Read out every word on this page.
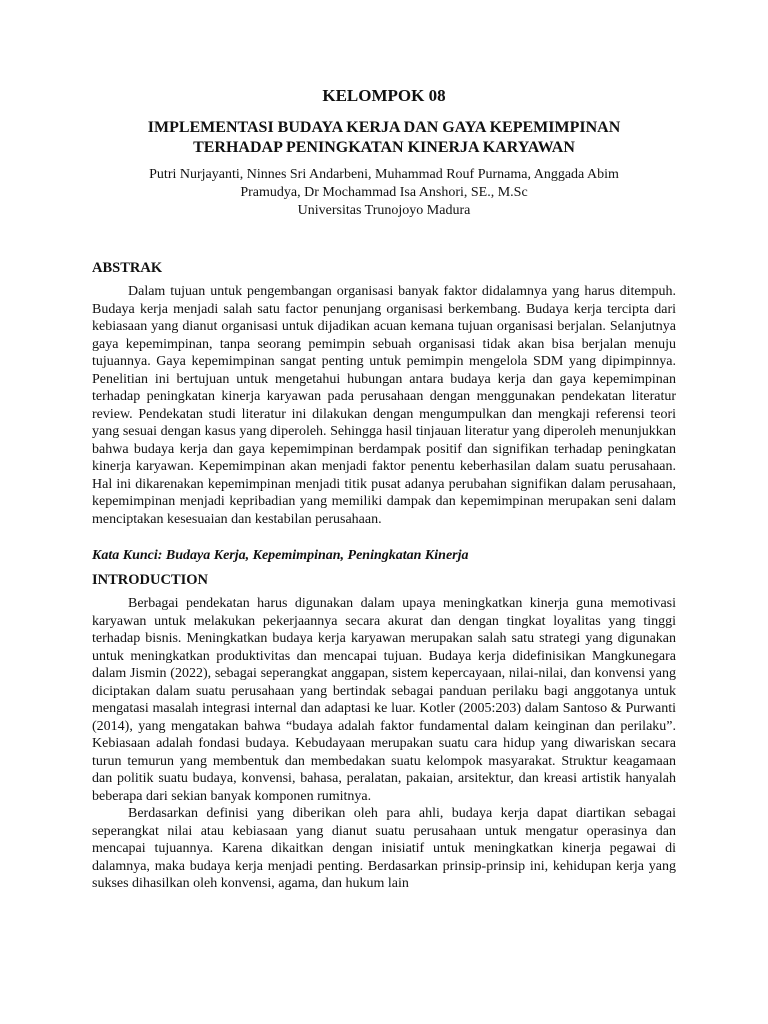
KELOMPOK 08
IMPLEMENTASI BUDAYA KERJA DAN GAYA KEPEMIMPINAN
TERHADAP PENINGKATAN KINERJA KARYAWAN
Putri Nurjayanti, Ninnes Sri Andarbeni, Muhammad Rouf Purnama, Anggada Abim
Pramudya, Dr Mochammad Isa Anshori, SE., M.Sc
Universitas Trunojoyo Madura
ABSTRAK

Dalam tujuan untuk pengembangan organisasi banyak faktor didalamnya yang harus ditempuh. Budaya kerja menjadi salah satu factor penunjang organisasi berkembang. Budaya kerja tercipta dari kebiasaan yang dianut organisasi untuk dijadikan acuan kemana tujuan organisasi berjalan. Selanjutnya gaya kepemimpinan, tanpa seorang pemimpin sebuah organisasi tidak akan bisa berjalan menuju tujuannya. Gaya kepemimpinan sangat penting untuk pemimpin mengelola SDM yang dipimpinnya. Penelitian ini bertujuan untuk mengetahui hubungan antara budaya kerja dan gaya kepemimpinan terhadap peningkatan kinerja karyawan pada perusahaan dengan menggunakan pendekatan literatur review. Pendekatan studi literatur ini dilakukan dengan mengumpulkan dan mengkaji referensi teori yang sesuai dengan kasus yang diperoleh. Sehingga hasil tinjauan literatur yang diperoleh menunjukkan bahwa budaya kerja dan gaya kepemimpinan berdampak positif dan signifikan terhadap peningkatan kinerja karyawan. Kepemimpinan akan menjadi faktor penentu keberhasilan dalam suatu perusahaan. Hal ini dikarenakan kepemimpinan menjadi titik pusat adanya perubahan signifikan dalam perusahaan, kepemimpinan menjadi kepribadian yang memiliki dampak dan kepemimpinan merupakan seni dalam menciptakan kesesuaian dan kestabilan perusahaan.

Kata Kunci: Budaya Kerja, Kepemimpinan, Peningkatan Kinerja
INTRODUCTION

Berbagai pendekatan harus digunakan dalam upaya meningkatkan kinerja guna memotivasi karyawan untuk melakukan pekerjaannya secara akurat dan dengan tingkat loyalitas yang tinggi terhadap bisnis. Meningkatkan budaya kerja karyawan merupakan salah satu strategi yang digunakan untuk meningkatkan produktivitas dan mencapai tujuan. Budaya kerja didefinisikan Mangkunegara dalam Jismin (2022), sebagai seperangkat anggapan, sistem kepercayaan, nilai-nilai, dan konvensi yang diciptakan dalam suatu perusahaan yang bertindak sebagai panduan perilaku bagi anggotanya untuk mengatasi masalah integrasi internal dan adaptasi ke luar. Kotler (2005:203) dalam Santoso & Purwanti (2014), yang mengatakan bahwa “budaya adalah faktor fundamental dalam keinginan dan perilaku”. Kebiasaan adalah fondasi budaya. Kebudayaan merupakan suatu cara hidup yang diwariskan secara turun temurun yang membentuk dan membedakan suatu kelompok masyarakat. Struktur keagamaan dan politik suatu budaya, konvensi, bahasa, peralatan, pakaian, arsitektur, dan kreasi artistik hanyalah beberapa dari sekian banyak komponen rumitnya.

Berdasarkan definisi yang diberikan oleh para ahli, budaya kerja dapat diartikan sebagai seperangkat nilai atau kebiasaan yang dianut suatu perusahaan untuk mengatur operasinya dan mencapai tujuannya. Karena dikaitkan dengan inisiatif untuk meningkatkan kinerja pegawai di dalamnya, maka budaya kerja menjadi penting. Berdasarkan prinsip-prinsip ini, kehidupan kerja yang sukses dihasilkan oleh konvensi, agama, dan hukum lain
